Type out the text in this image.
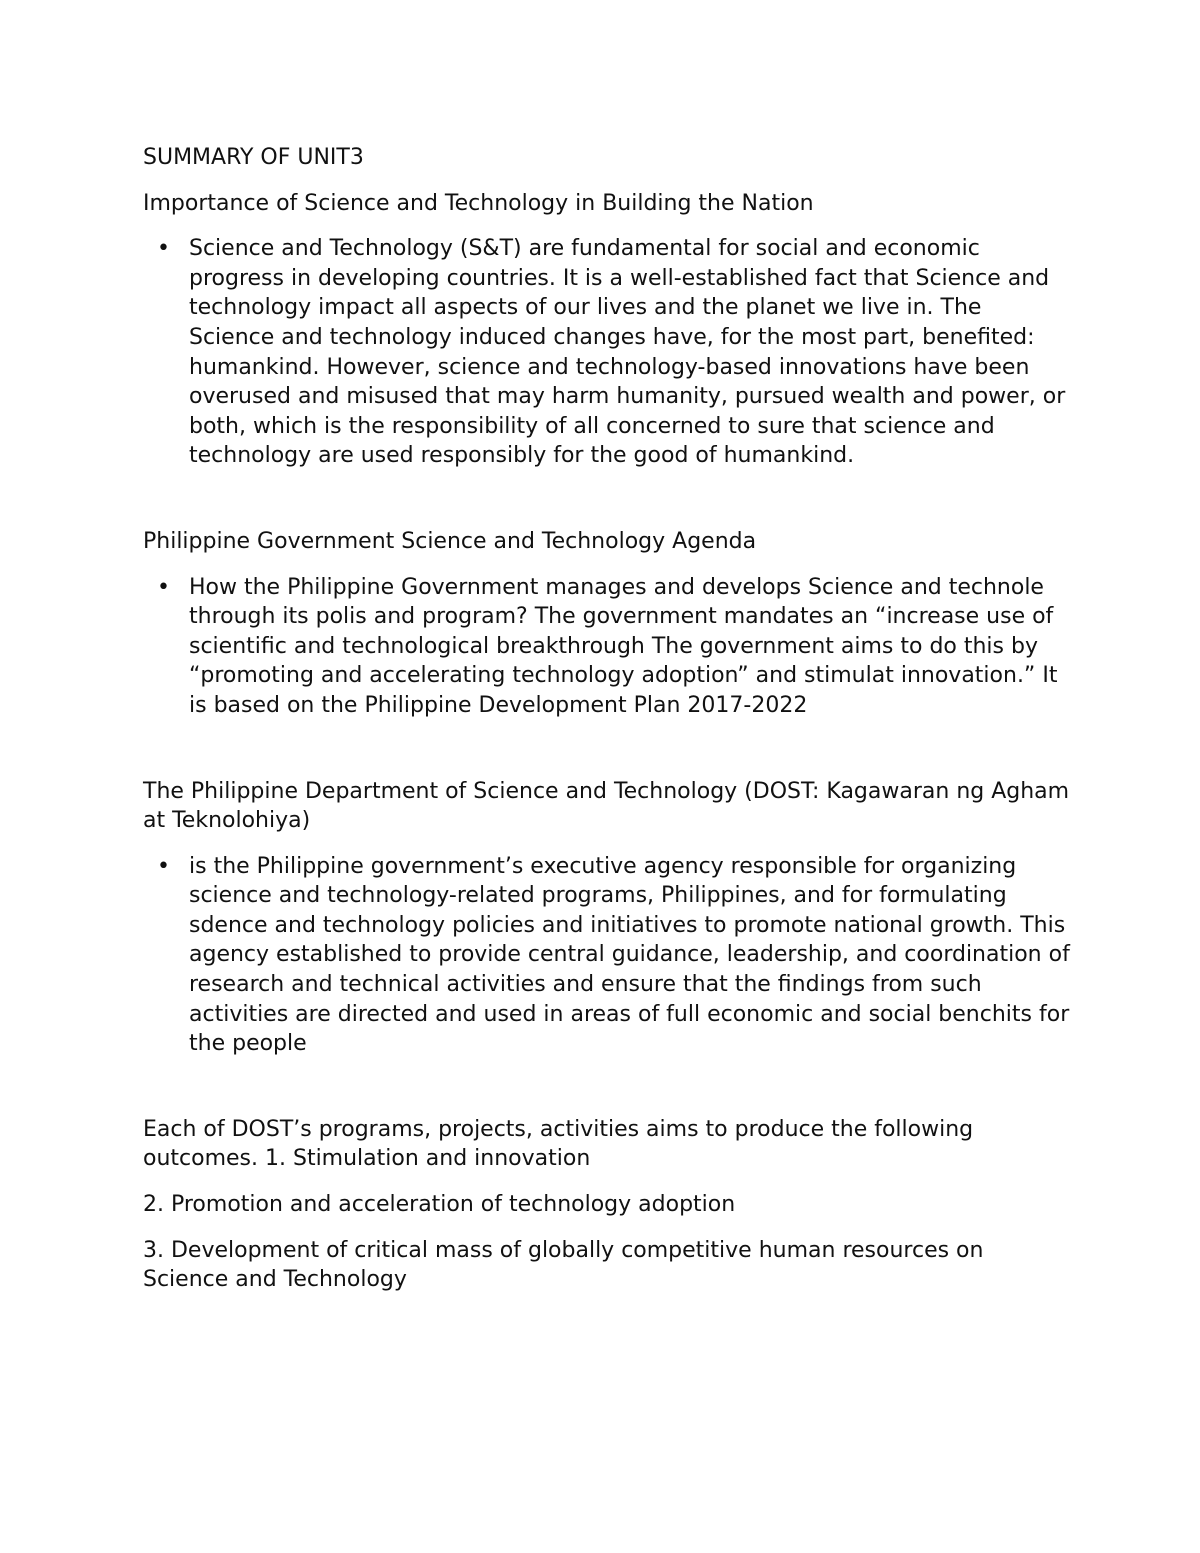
SUMMARY OF UNIT3

Importance of Science and Technology in Building the Nation

• Science and Technology (S&T) are fundamental for social and economic progress in developing countries. It is a well-established fact that Science and technology impact all aspects of our lives and the planet we live in. The Science and technology induced changes have, for the most part, benefited: humankind. However, science and technology-based innovations have been overused and misused that may harm humanity, pursued wealth and power, or both, which is the responsibility of all concerned to sure that science and technology are used responsibly for the good of humankind.

Philippine Government Science and Technology Agenda

• How the Philippine Government manages and develops Science and technole through its polis and program? The government mandates an “increase use of scientific and technological breakthrough The government aims to do this by “promoting and accelerating technology adoption” and stimulat innovation.” It is based on the Philippine Development Plan 2017-2022

The Philippine Department of Science and Technology (DOST: Kagawaran ng Agham at Teknolohiya)

• is the Philippine government’s executive agency responsible for organizing science and technology-related programs, Philippines, and for formulating sdence and technology policies and initiatives to promote national growth. This agency established to provide central guidance, leadership, and coordination of research and technical activities and ensure that the findings from such activities are directed and used in areas of full economic and social benchits for the people

Each of DOST’s programs, projects, activities aims to produce the following outcomes. 1. Stimulation and innovation

2. Promotion and acceleration of technology adoption

3. Development of critical mass of globally competitive human resources on Science and Technology
